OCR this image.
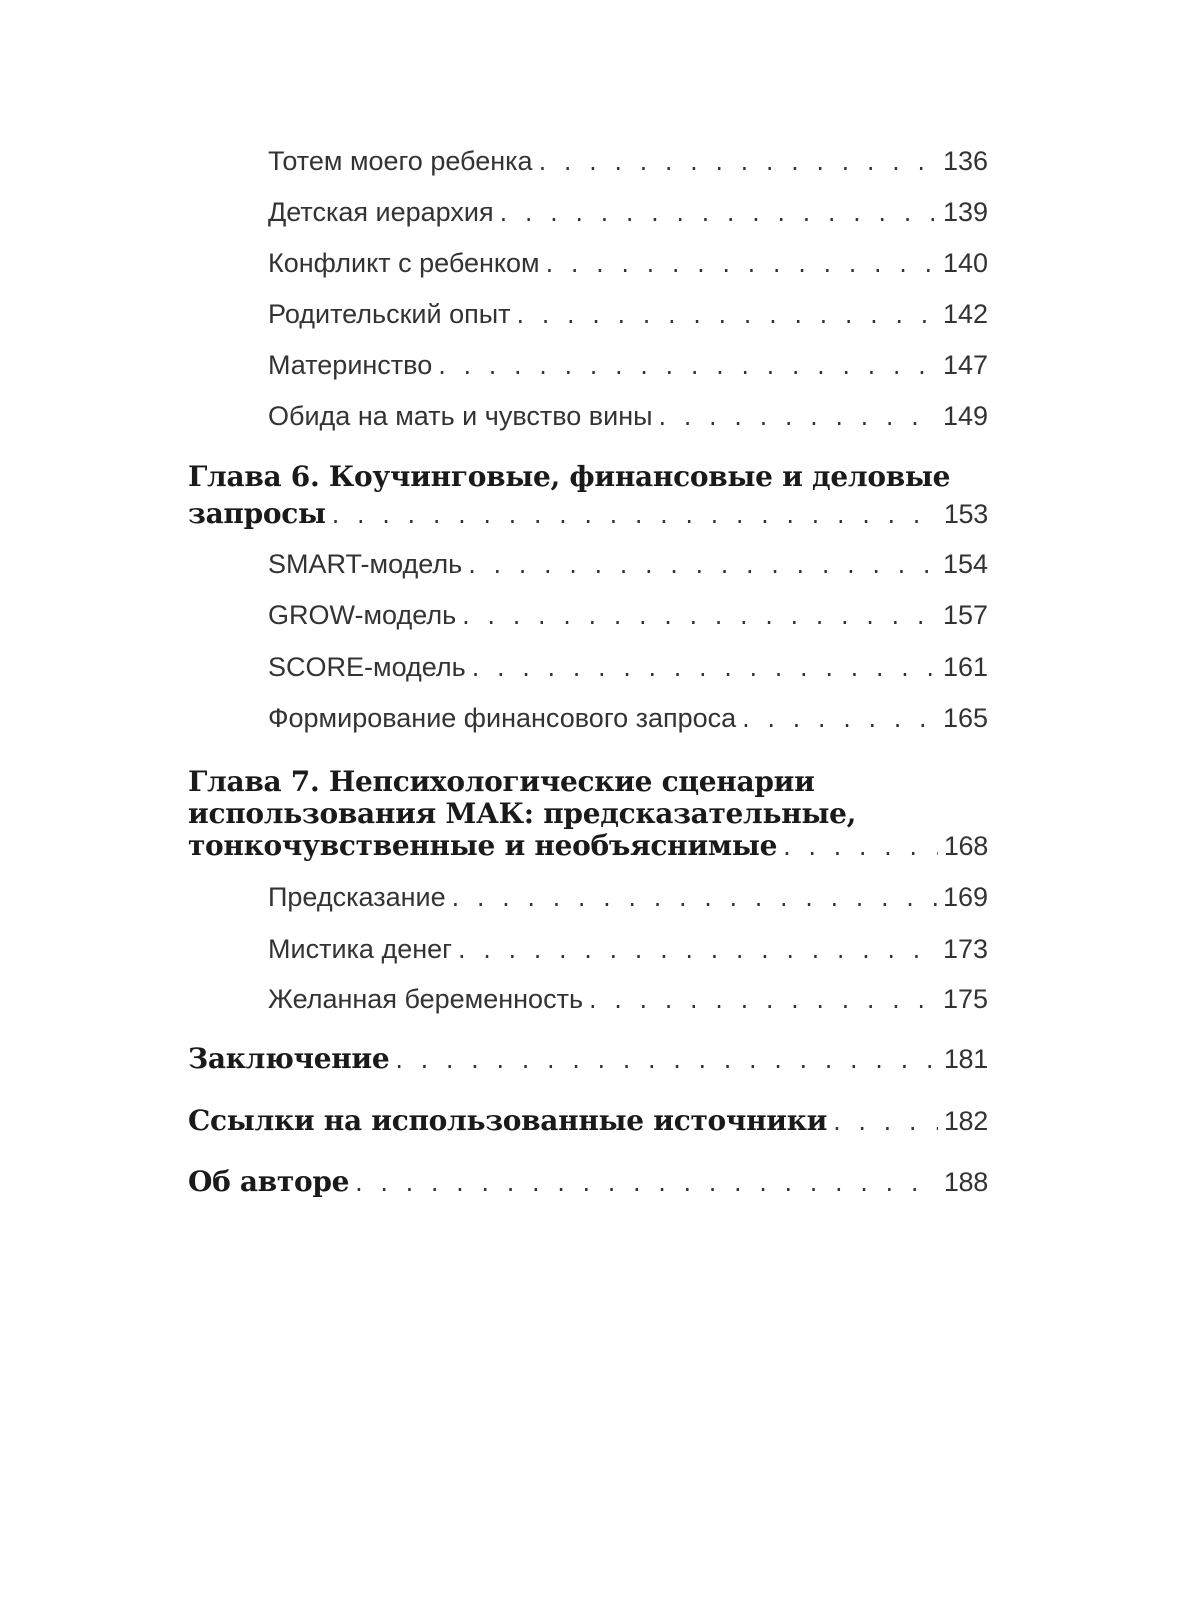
Тотем моего ребенка . . .	136
Детская иерархия . . .	139
Конфликт с ребенком . . .	140
Родительский опыт . . .	142
Материнство . . .	147
Обида на мать и чувство вины . . .	149
Глава 6. Коучинговые, финансовые и деловые
запросы . . .	153
SMART-модель . . .	154
GROW-модель . . .	157
SCORE-модель . . .	161
Формирование финансового запроса . . .	165
Глава 7. Непсихологические сценарии
использования МАК: предсказательные,
тонкочувственные и необъяснимые . . .	168
Предсказание . . .	169
Мистика денег . . .	173
Желанная беременность . . .	175
Заключение . . .	181
Ссылки на использованные источники . . .	182
Об авторе . . .	188
